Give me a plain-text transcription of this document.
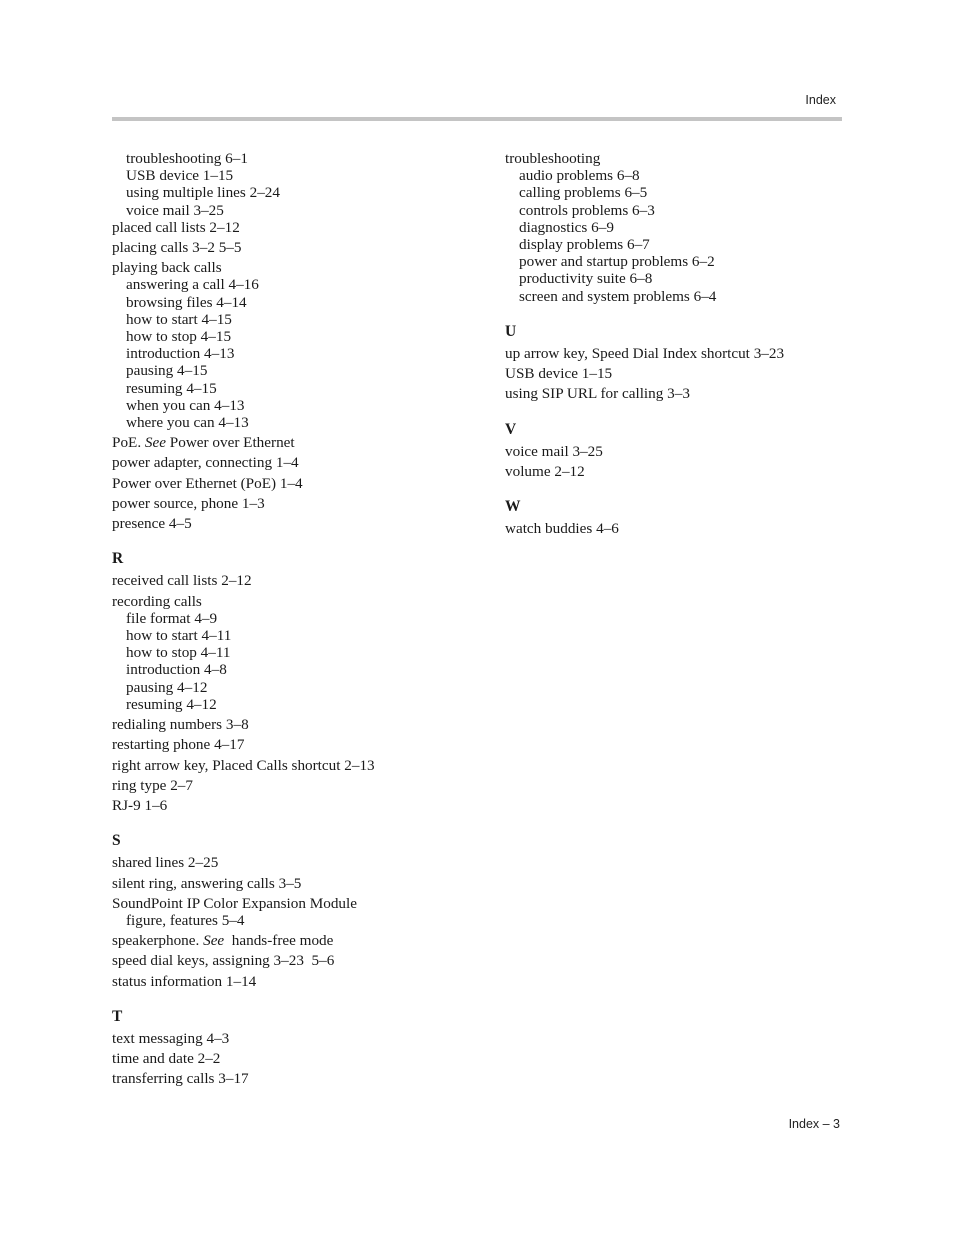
Index
troubleshooting 6–1
USB device 1–15
using multiple lines 2–24
voice mail 3–25
placed call lists 2–12
placing calls 3–2 5–5
playing back calls
answering a call 4–16
browsing files 4–14
how to start 4–15
how to stop 4–15
introduction 4–13
pausing 4–15
resuming 4–15
when you can 4–13
where you can 4–13
PoE. See Power over Ethernet
power adapter, connecting 1–4
Power over Ethernet (PoE) 1–4
power source, phone 1–3
presence 4–5
R
received call lists 2–12
recording calls
file format 4–9
how to start 4–11
how to stop 4–11
introduction 4–8
pausing 4–12
resuming 4–12
redialing numbers 3–8
restarting phone 4–17
right arrow key, Placed Calls shortcut 2–13
ring type 2–7
RJ-9 1–6
S
shared lines 2–25
silent ring, answering calls 3–5
SoundPoint IP Color Expansion Module
figure, features 5–4
speakerphone. See  hands-free mode
speed dial keys, assigning 3–23  5–6
status information 1–14
T
text messaging 4–3
time and date 2–2
transferring calls 3–17
troubleshooting
audio problems 6–8
calling problems 6–5
controls problems 6–3
diagnostics 6–9
display problems 6–7
power and startup problems 6–2
productivity suite 6–8
screen and system problems 6–4
U
up arrow key, Speed Dial Index shortcut 3–23
USB device 1–15
using SIP URL for calling 3–3
V
voice mail 3–25
volume 2–12
W
watch buddies 4–6
Index – 3
